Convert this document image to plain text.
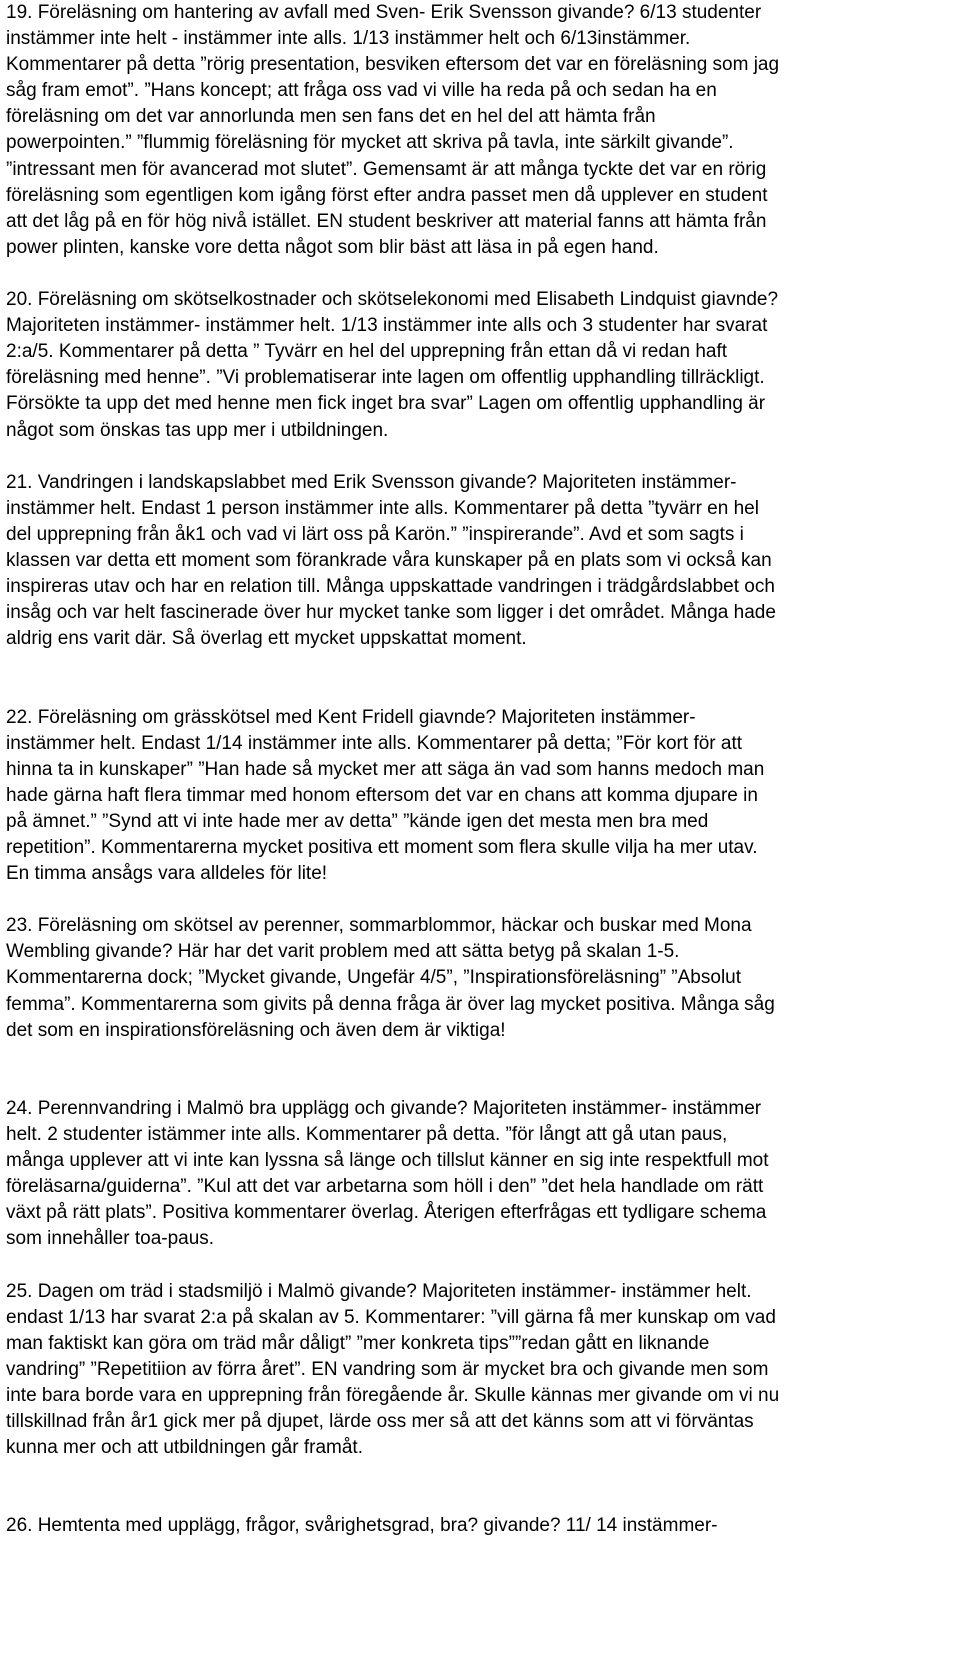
19. Föreläsning om hantering av avfall med Sven- Erik Svensson givande? 6/13 studenter
instämmer inte helt - instämmer inte alls. 1/13 instämmer helt och 6/13instämmer.
Kommentarer på detta ”rörig presentation, besviken eftersom det var en föreläsning som jag
såg fram emot”. ”Hans koncept; att fråga oss vad vi ville ha reda på och sedan ha en
föreläsning om det var annorlunda men sen fans det en hel del att hämta från
powerpointen.” ”flummig föreläsning för mycket att skriva på tavla, inte särkilt givande”.
”intressant men för avancerad mot slutet”. Gemensamt är att många tyckte det var en rörig
föreläsning som egentligen kom igång först efter andra passet men då upplever en student
att det låg på en för hög nivå istället. EN student beskriver att material fanns att hämta från
power plinten, kanske vore detta något som blir bäst att läsa in på egen hand.
20. Föreläsning om skötselkostnader och skötselekonomi med Elisabeth Lindquist giavnde?
Majoriteten instämmer- instämmer helt. 1/13 instämmer inte alls och 3 studenter har svarat
2:a/5. Kommentarer på detta ” Tyvärr en hel del upprepning från ettan då vi redan haft
föreläsning med henne”. ”Vi problematiserar inte lagen om offentlig upphandling tillräckligt.
Försökte ta upp det med henne men fick inget bra svar” Lagen om offentlig upphandling är
något som önskas tas upp mer i utbildningen.
21. Vandringen i landskapslabbet med Erik Svensson givande? Majoriteten instämmer-
instämmer helt. Endast 1 person instämmer inte alls. Kommentarer på detta ”tyvärr en hel
del upprepning från åk1 och vad vi lärt oss på Karön.” ”inspirerande”. Avd et som sagts i
klassen var detta ett moment som förankrade våra kunskaper på en plats som vi också kan
inspireras utav och har en relation till. Många uppskattade vandringen i trädgårdslabbet och
insåg och var helt fascinerade över hur mycket tanke som ligger i det området. Många hade
aldrig ens varit där. Så överlag ett mycket uppskattat moment.
22. Föreläsning om grässkötsel med Kent Fridell giavnde? Majoriteten instämmer-
instämmer helt. Endast 1/14 instämmer inte alls. Kommentarer på detta; ”För kort för att
hinna ta in kunskaper” ”Han hade så mycket mer att säga än vad som hanns medoch man
hade gärna haft flera timmar med honom eftersom det var en chans att komma djupare in
på ämnet.” ”Synd att vi inte hade mer av detta” ”kände igen det mesta men bra med
repetition”. Kommentarerna mycket positiva ett moment som flera skulle vilja ha mer utav.
En timma ansågs vara alldeles för lite!
23. Föreläsning om skötsel av perenner, sommarblommor, häckar och buskar med Mona
Wembling givande? Här har det varit problem med att sätta betyg på skalan 1-5.
Kommentarerna dock; ”Mycket givande, Ungefär 4/5”, ”Inspirationsföreläsning” ”Absolut
femma”. Kommentarerna som givits på denna fråga är över lag mycket positiva. Många såg
det som en inspirationsföreläsning och även dem är viktiga!
24. Perennvandring i Malmö bra upplägg och givande? Majoriteten instämmer- instämmer
helt. 2 studenter istämmer inte alls. Kommentarer på detta. ”för långt att gå utan paus,
många upplever att vi inte kan lyssna så länge och tillslut känner en sig inte respektfull mot
föreläsarna/guiderna”. ”Kul att det var arbetarna som höll i den” ”det hela handlade om rätt
växt på rätt plats”. Positiva kommentarer överlag. Återigen efterfrågas ett tydligare schema
som innehåller toa-paus.
25. Dagen om träd i stadsmiljö i Malmö givande? Majoriteten instämmer- instämmer helt.
endast 1/13 har svarat 2:a på skalan av 5. Kommentarer: ”vill gärna få mer kunskap om vad
man faktiskt kan göra om träd mår dåligt” ”mer konkreta tips””redan gått en liknande
vandring” ”Repetitiion av förra året”. EN vandring som är mycket bra och givande men som
inte bara borde vara en upprepning från föregående år. Skulle kännas mer givande om vi nu
tillskillnad från år1 gick mer på djupet, lärde oss mer så att det känns som att vi förväntas
kunna mer och att utbildningen går framåt.
26. Hemtenta med upplägg, frågor, svårighetsgrad, bra? givande? 11/ 14 instämmer-
